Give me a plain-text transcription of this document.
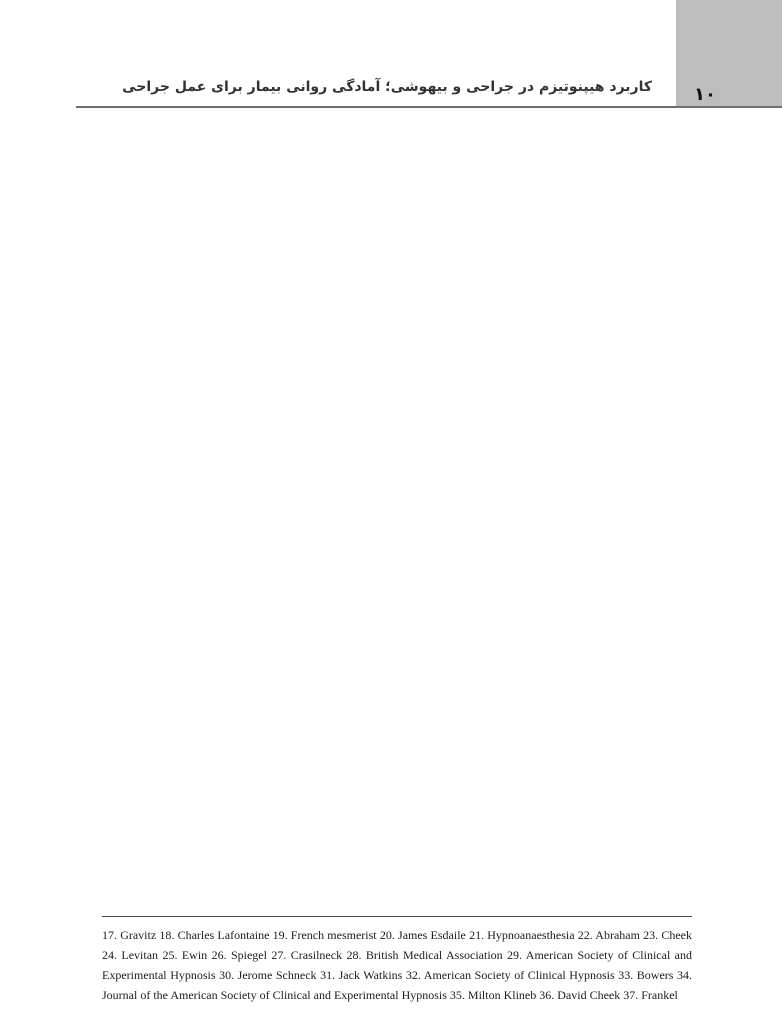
۱۰
کاربرد هیپنوتیزم در جراحی و بیهوشی؛ آمادگی روانی بیمار برای عمل جراحی

17. Gravitz 18. Charles Lafontaine 19. French mesmerist 20. James Esdaile 21. Hypnoanaesthesia 22. Abraham 23. Cheek 24. Levitan 25. Ewin 26. Spiegel 27. Crasilneck 28. British Medical Association 29. American Society of Clinical and Experimental Hypnosis 30. Jerome Schneck 31. Jack Watkins 32. American Society of Clinical Hypnosis 33. Bowers 34. Journal of the American Society of Clinical and Experimental Hypnosis 35. Milton Klineb 36. David Cheek 37. Frankel
